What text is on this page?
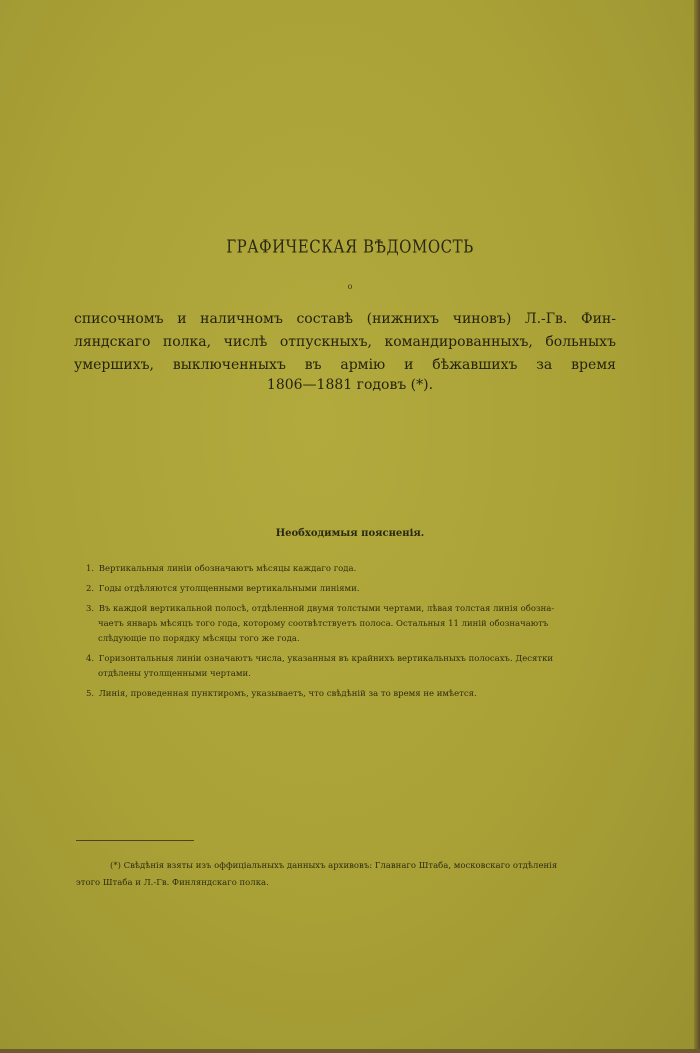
ГРАФИЧЕСКАЯ ВѢДОМОСТЬ
о
списочномъ и наличномъ составѣ (нижнихъ чиновъ) Л.-Гв. Фин-
ляндскаго полка, числѣ отпускныхъ, командированныхъ, больныхъ
умершихъ, выключенныхъ въ армію и бѣжавшихъ за время
1806—1881 годовъ (*).
Необходимыя поясненія.
1. Вертикальныя линіи обозначаютъ мѣсяцы каждаго года.
2. Годы отдѣляются утолщенными вертикальными линіями.
3. Въ каждой вертикальной полосѣ, отдѣленной двумя толстыми чертами, лѣвая толстая линія обозна-
чаетъ январь мѣсяцъ того года, которому соотвѣтствуетъ полоса. Остальныя 11 линій обозначаютъ
слѣдующіе по порядку мѣсяцы того же года.
4. Горизонтальныя линіи означаютъ числа, указанныя въ крайнихъ вертикальныхъ полосахъ. Десятки
отдѣлены утолщенными чертами.
5. Линія, проведенная пунктиромъ, указываетъ, что свѣдѣній за то время не имѣется.
(*) Свѣдѣнія взяты изъ оффиціальныхъ данныхъ архивовъ: Главнаго Штаба, московскаго отдѣленія
этого Штаба и Л.-Гв. Финляндскаго полка.
